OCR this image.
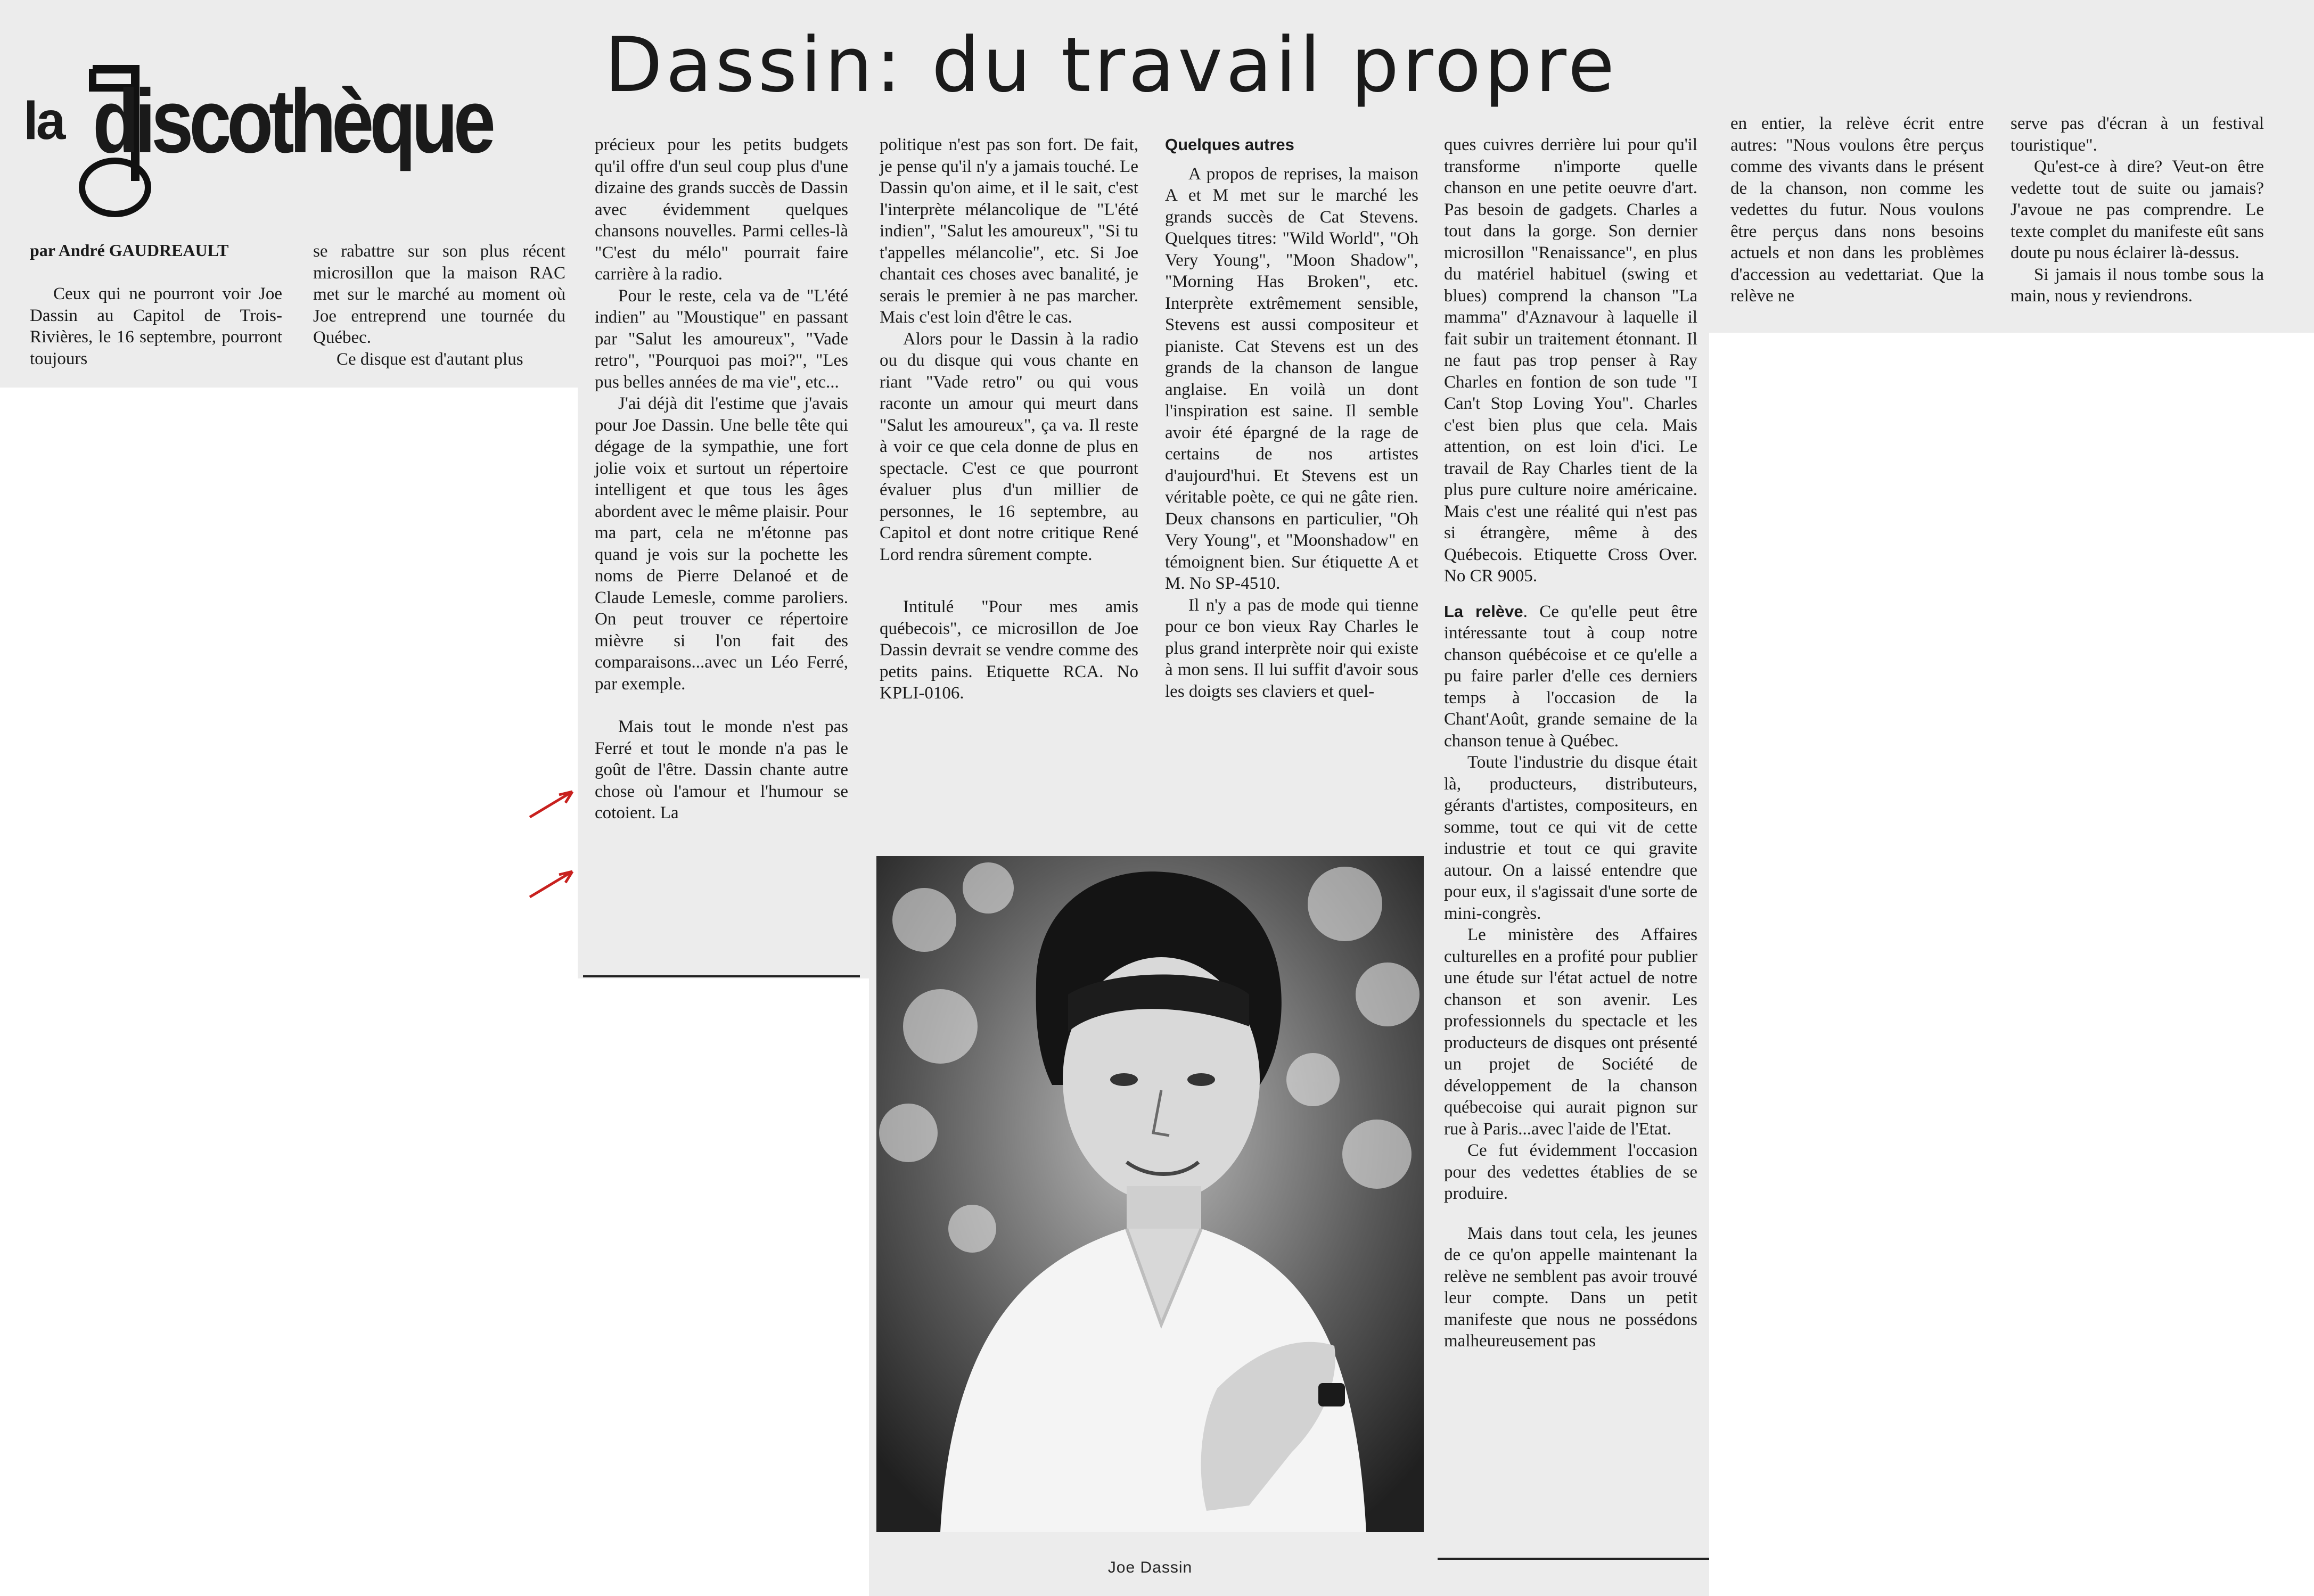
la discothèque
Dassin: du travail propre
par André GAUDREAULT

Ceux qui ne pourront voir Joe Dassin au Capitol de Trois-Rivières, le 16 septembre, pourront toujours

se rabattre sur son plus récent microsillon que la maison RAC met sur le marché au moment où Joe entreprend une tournée du Québec.

Ce disque est d'autant plus

précieux pour les petits budgets qu'il offre d'un seul coup plus d'une dizaine des grands succès de Dassin avec évidemment quelques chansons nouvelles. Parmi celles-là "C'est du mélo" pourrait faire carrière à la radio.

Pour le reste, cela va de "L'été indien" au "Moustique" en passant par "Salut les amoureux", "Vade retro", "Pourquoi pas moi?", "Les pus belles années de ma vie", etc...

J'ai déjà dit l'estime que j'avais pour Joe Dassin. Une belle tête qui dégage de la sympathie, une fort jolie voix et surtout un répertoire intelligent et que tous les âges abordent avec le même plaisir. Pour ma part, cela ne m'étonne pas quand je vois sur la pochette les noms de Pierre Delanoé et de Claude Lemesle, comme paroliers. On peut trouver ce répertoire mièvre si l'on fait des comparaisons...avec un Léo Ferré, par exemple.

Mais tout le monde n'est pas Ferré et tout le monde n'a pas le goût de l'être. Dassin chante autre chose où l'amour et l'humour se cotoient. La

politique n'est pas son fort. De fait, je pense qu'il n'y a jamais touché. Le Dassin qu'on aime, et il le sait, c'est l'interprète mélancolique de "L'été indien", "Salut les amoureux", "Si tu t'appelles mélancolie", etc. Si Joe chantait ces choses avec banalité, je serais le premier à ne pas marcher. Mais c'est loin d'être le cas.

Alors pour le Dassin à la radio ou du disque qui vous chante en riant "Vade retro" ou qui vous raconte un amour qui meurt dans "Salut les amoureux", ça va. Il reste à voir ce que cela donne de plus en spectacle. C'est ce que pourront évaluer plus d'un millier de personnes, le 16 septembre, au Capitol et dont notre critique René Lord rendra sûrement compte.

Intitulé "Pour mes amis québecois", ce microsillon de Joe Dassin devrait se vendre comme des petits pains. Etiquette RCA. No KPLI-0106.

Quelques autres

A propos de reprises, la maison A et M met sur le marché les grands succès de Cat Stevens. Quelques titres: "Wild World", "Oh Very Young", "Moon Shadow", "Morning Has Broken", etc. Interprète extrêmement sensible, Stevens est aussi compositeur et pianiste. Cat Stevens est un des grands de la chanson de langue anglaise. En voilà un dont l'inspiration est saine. Il semble avoir été épargné de la rage de certains de nos artistes d'aujourd'hui. Et Stevens est un véritable poète, ce qui ne gâte rien. Deux chansons en particulier, "Oh Very Young", et "Moonshadow" en témoignent bien. Sur étiquette A et M. No SP-4510.

Il n'y a pas de mode qui tienne pour ce bon vieux Ray Charles le plus grand interprète noir qui existe à mon sens. Il lui suffit d'avoir sous les doigts ses claviers et quel-

ques cuivres derrière lui pour qu'il transforme n'importe quelle chanson en une petite oeuvre d'art. Pas besoin de gadgets. Charles a tout dans la gorge. Son dernier microsillon "Renaissance", en plus du matériel habituel (swing et blues) comprend la chanson "La mamma" d'Aznavour à laquelle il fait subir un traitement étonnant. Il ne faut pas trop penser à Ray Charles en fontion de son tude "I Can't Stop Loving You". Charles c'est bien plus que cela. Mais attention, on est loin d'ici. Le travail de Ray Charles tient de la plus pure culture noire américaine. Mais c'est une réalité qui n'est pas si étrangère, même à des Québecois. Etiquette Cross Over. No CR 9005.

La relève. Ce qu'elle peut être intéressante tout à coup notre chanson québécoise et ce qu'elle a pu faire parler d'elle ces derniers temps à l'occasion de la Chant'Août, grande semaine de la chanson tenue à Québec.

Toute l'industrie du disque était là, producteurs, distributeurs, gérants d'artistes, compositeurs, en somme, tout ce qui vit de cette industrie et tout ce qui gravite autour. On a laissé entendre que pour eux, il s'agissait d'une sorte de mini-congrès.

Le ministère des Affaires culturelles en a profité pour publier une étude sur l'état actuel de notre chanson et son avenir. Les professionnels du spectacle et les producteurs de disques ont présenté un projet de Société de développement de la chanson québecoise qui aurait pignon sur rue à Paris...avec l'aide de l'Etat.

Ce fut évidemment l'occasion pour des vedettes établies de se produire.

Mais dans tout cela, les jeunes de ce qu'on appelle maintenant la relève ne semblent pas avoir trouvé leur compte. Dans un petit manifeste que nous ne possédons malheureusement pas

en entier, la relève écrit entre autres: "Nous voulons être perçus comme des vivants dans le présent de la chanson, non comme les vedettes du futur. Nous voulons être perçus dans nons besoins actuels et non dans les problèmes d'accession au vedettariat. Que la relève ne

serve pas d'écran à un festival touristique".

Qu'est-ce à dire? Veut-on être vedette tout de suite ou jamais? J'avoue ne pas comprendre. Le texte complet du manifeste eût sans doute pu nous éclairer là-dessus.

Si jamais il nous tombe sous la main, nous y reviendrons.

Joe Dassin
